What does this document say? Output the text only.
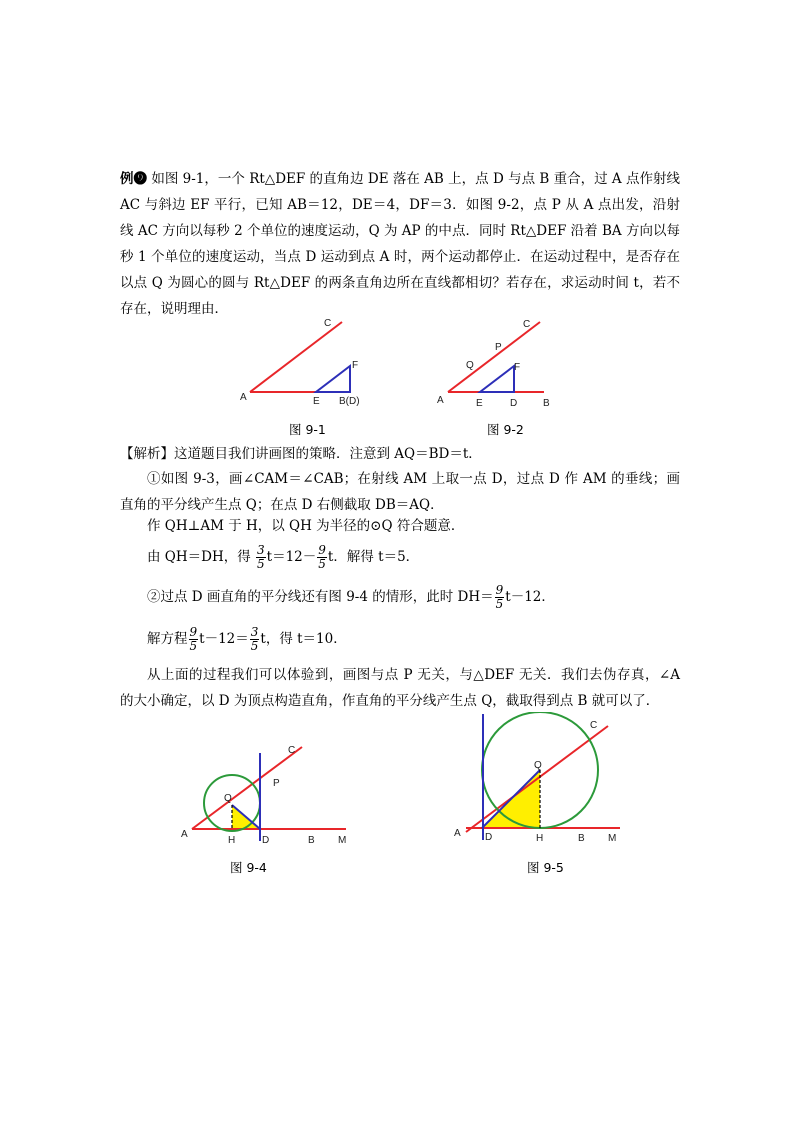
例❾ 如图 9-1，一个 Rt△DEF 的直角边 DE 落在 AB 上，点 D 与点 B 重合，过 A 点作射线 AC 与斜边 EF 平行，已知 AB＝12，DE＝4，DF＝3．如图 9-2，点 P 从 A 点出发，沿射线 AC 方向以每秒 2 个单位的速度运动，Q 为 AP 的中点．同时 Rt△DEF 沿着 BA 方向以每秒 1 个单位的速度运动，当点 D 运动到点 A 时，两个运动都停止．在运动过程中，是否存在以点 Q 为圆心的圆与 Rt△DEF 的两条直角边所在直线都相切？若存在，求运动时间 t，若不存在，说明理由．

A
C
F
E B(D)
图 9-1
A
C
P
Q	F
E	D	B
图 9-2
【解析】这道题目我们讲画图的策略．注意到 AQ＝BD＝t．

①如图 9-3，画∠CAM＝∠CAB；在射线 AM 上取一点 D，过点 D 作 AM 的垂线；画直角的平分线产生点 Q；在点 D 右侧截取 DB＝AQ．

作 QH⊥AM 于 H，以 QH 为半径的⊙Q 符合题意．
由 QH＝DH，得 $\frac{3}{5} t=12- \frac{9}{5}$ t．解得 t＝5．
②过点 D 画直角的平分线还有图 9-4 的情形，此时 $DH= \frac{9}{5} t-12$．
解方程 $\frac{9}{5} t-12= \frac{3}{5}$ t，得 t＝10．

从上面的过程我们可以体验到，画图与点 P 无关，与△DEF 无关．我们去伪存真，∠A 的大小确定，以 D 为顶点构造直角，作直角的平分线产生点 Q，截取得到点 B 就可以了．

A
C
P
Q
H	D	B M
图 9-4
A
C
Q
D	H	B M
图 9-5
